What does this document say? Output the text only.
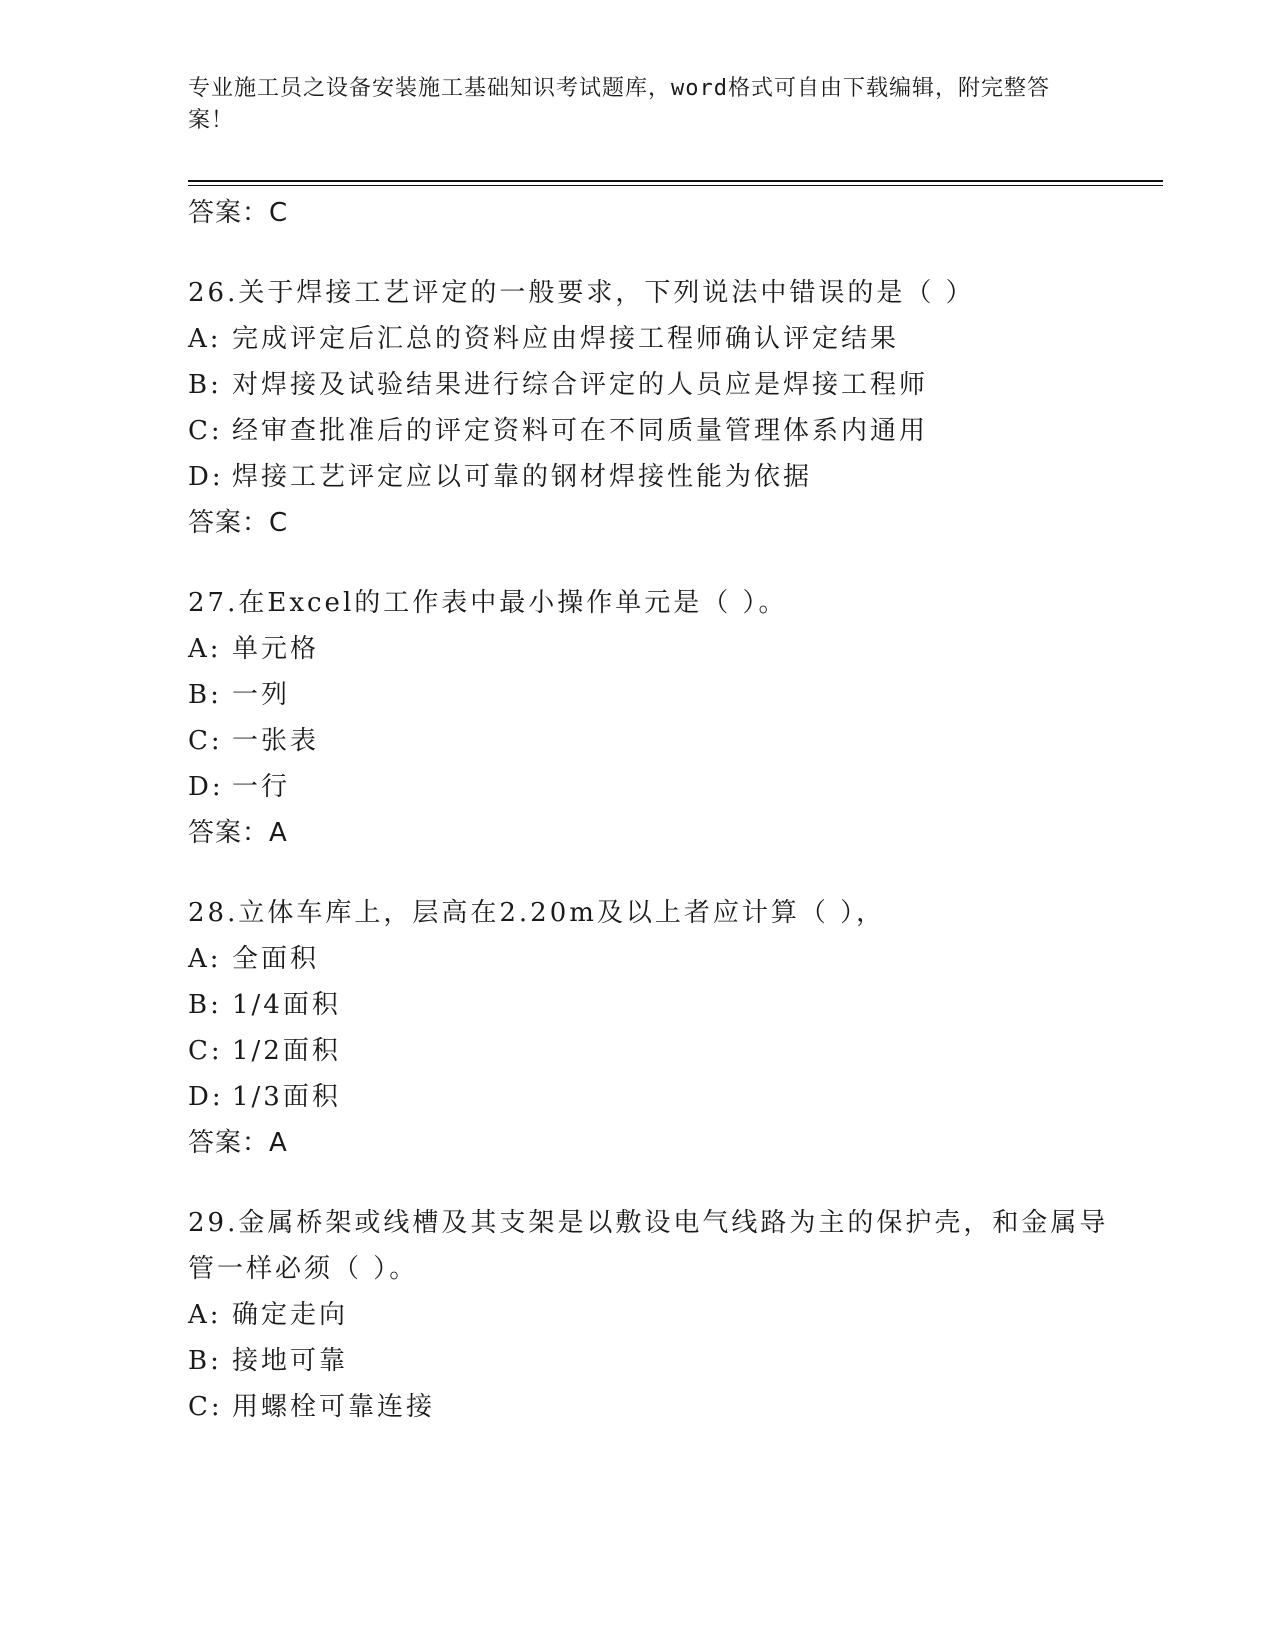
专业施工员之设备安装施工基础知识考试题库，word格式可自由下载编辑，附完整答案！
答案：C
26.关于焊接工艺评定的一般要求，下列说法中错误的是（ ）
A: 完成评定后汇总的资料应由焊接工程师确认评定结果
B: 对焊接及试验结果进行综合评定的人员应是焊接工程师
C: 经审查批准后的评定资料可在不同质量管理体系内通用
D: 焊接工艺评定应以可靠的钢材焊接性能为依据
答案：C
27.在Excel的工作表中最小操作单元是（ ）。
A: 单元格
B: 一列
C: 一张表
D: 一行
答案：A
28.立体车库上，层高在2.20m及以上者应计算（ ），
A: 全面积
B: 1/4面积
C: 1/2面积
D: 1/3面积
答案：A
29.金属桥架或线槽及其支架是以敷设电气线路为主的保护壳，和金属导管一样必须（ ）。
A: 确定走向
B: 接地可靠
C: 用螺栓可靠连接
